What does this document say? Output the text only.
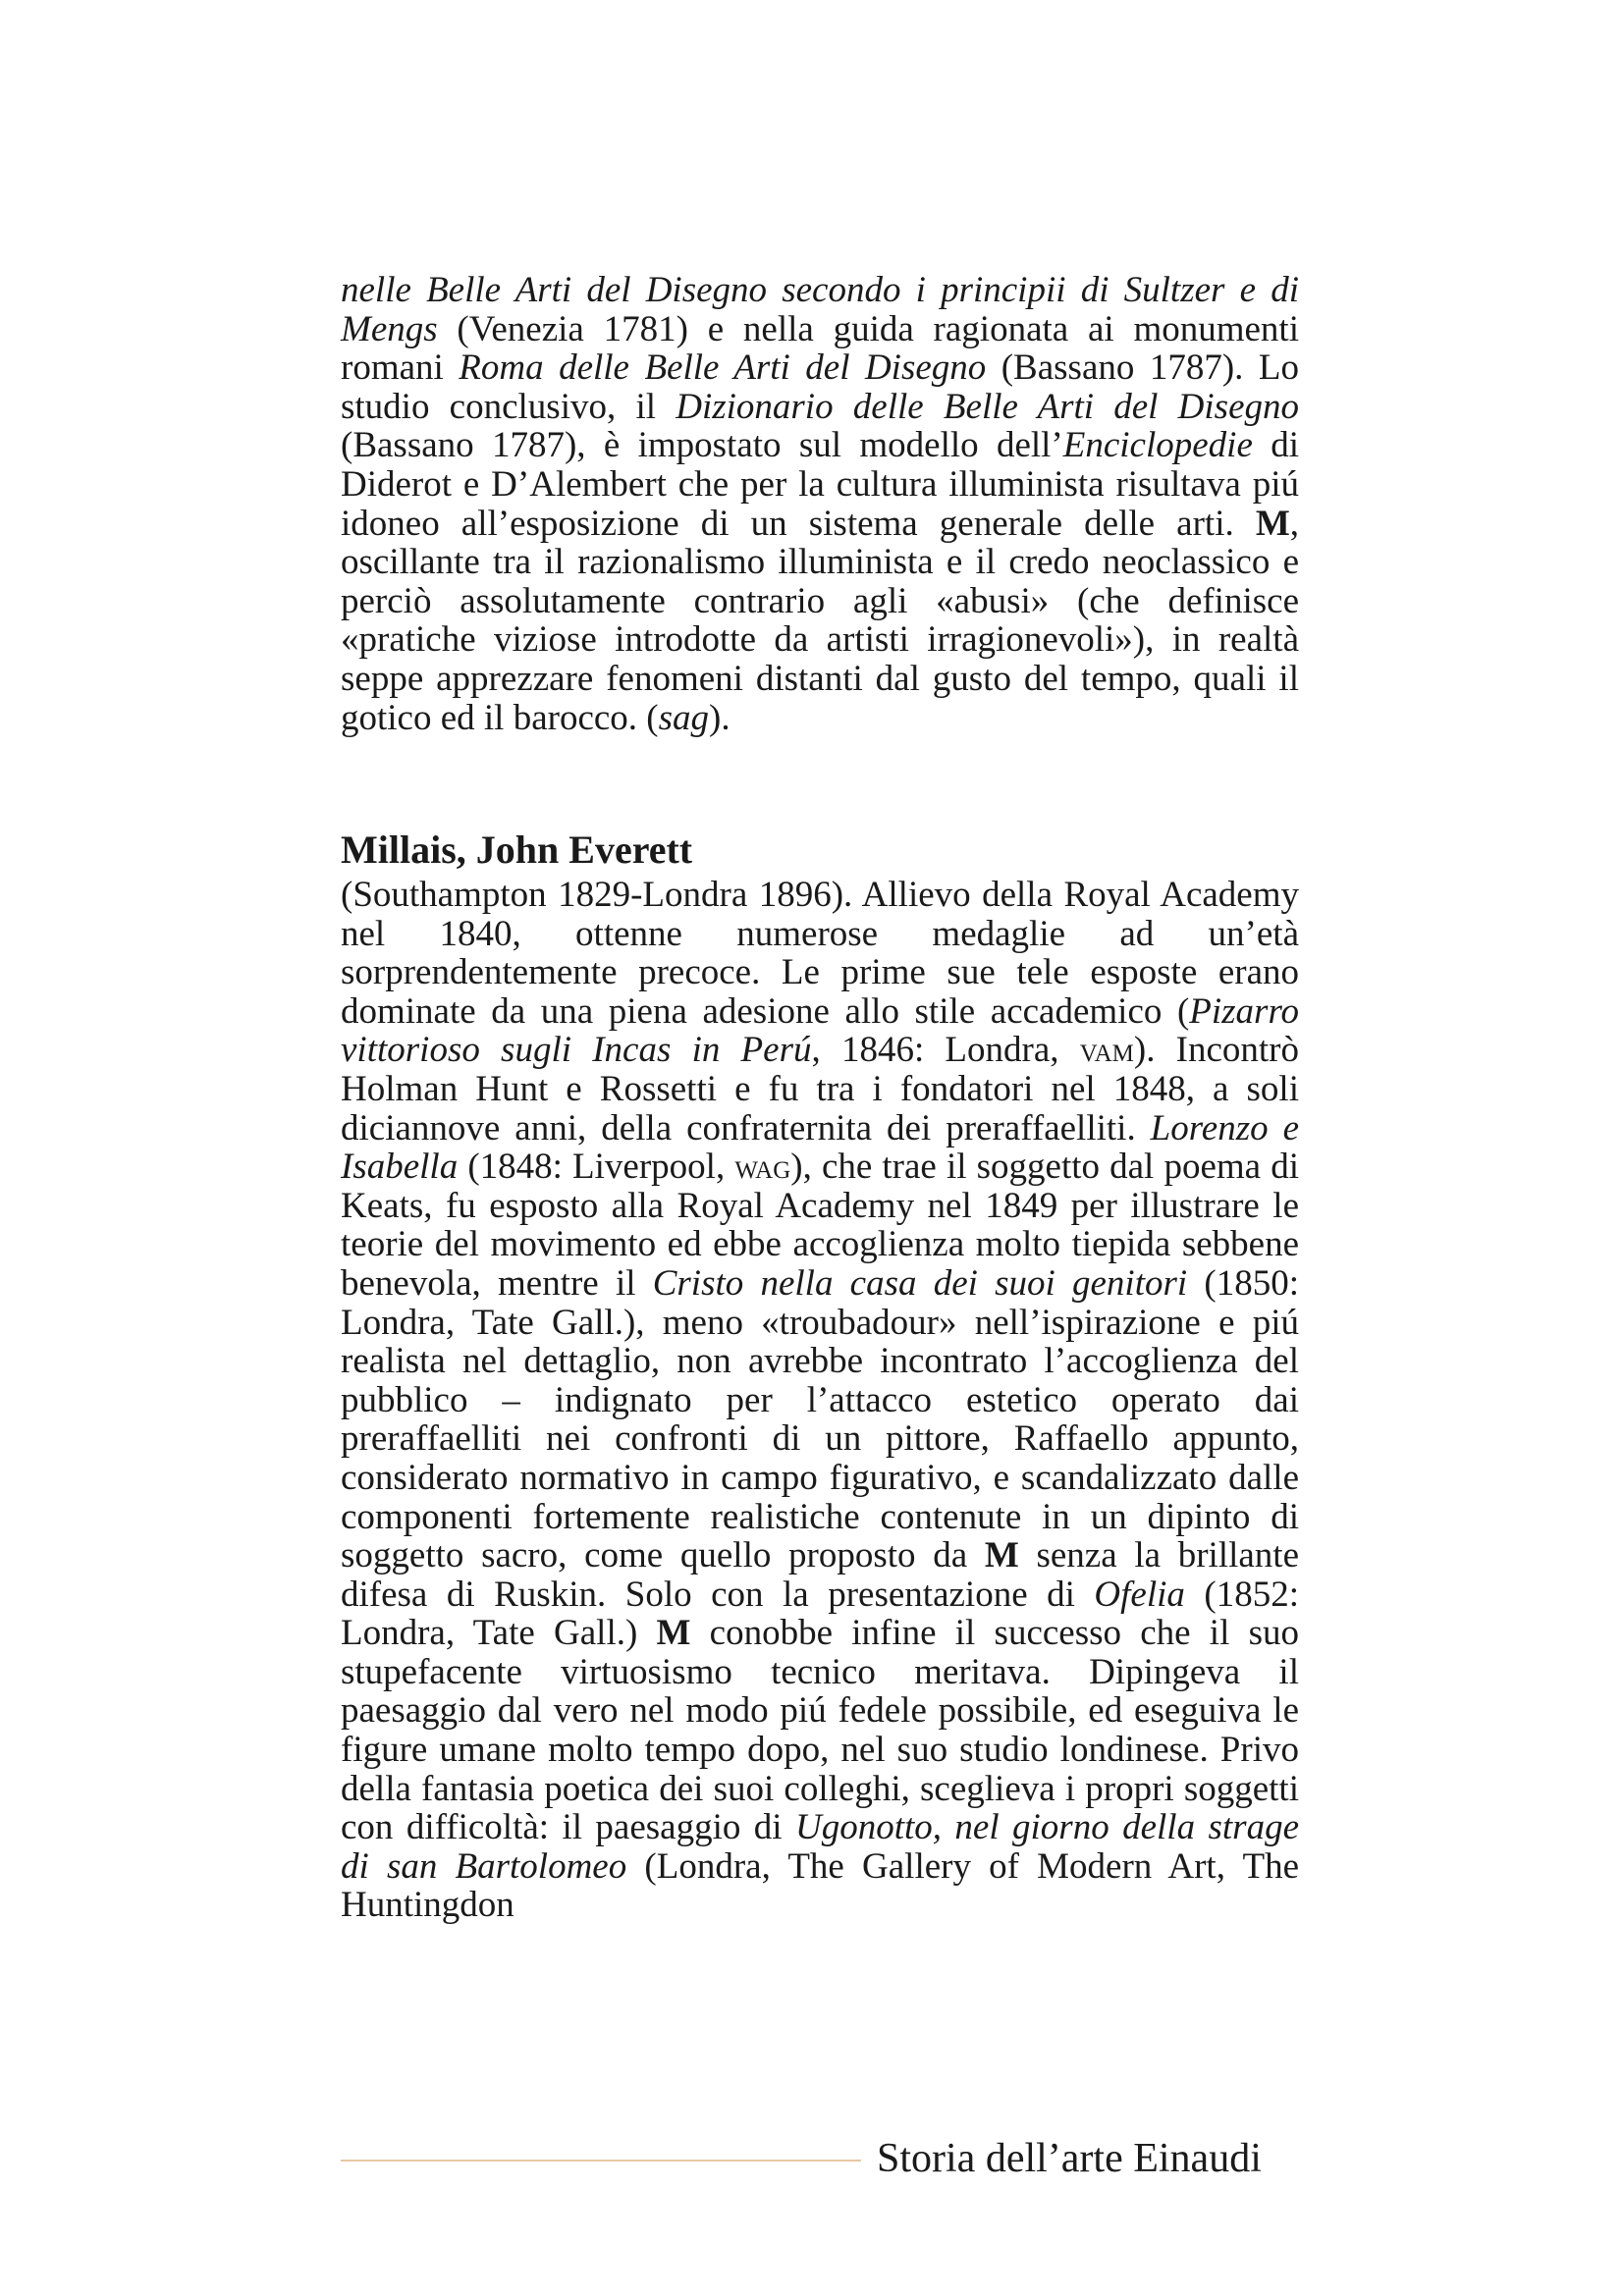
nelle Belle Arti del Disegno secondo i principii di Sultzer e di Mengs (Venezia 1781) e nella guida ragionata ai monumenti romani Roma delle Belle Arti del Disegno (Bassano 1787). Lo studio conclusivo, il Dizionario delle Belle Arti del Disegno (Bassano 1787), è impostato sul modello dell’Enciclopedie di Diderot e D’Alembert che per la cultura illuminista risultava piú idoneo all’esposizione di un sistema generale delle arti. M, oscillante tra il razionalismo illuminista e il credo neoclassico e perciò assolutamente contrario agli «abusi» (che definisce «pratiche viziose introdotte da artisti irragionevoli»), in realtà seppe apprezzare fenomeni distanti dal gusto del tempo, quali il gotico ed il barocco. (sag).

Millais, John Everett

(Southampton 1829-Londra 1896). Allievo della Royal Academy nel 1840, ottenne numerose medaglie ad un’età sorprendentemente precoce. Le prime sue tele esposte erano dominate da una piena adesione allo stile accademico (Pizarro vittorioso sugli Incas in Perú, 1846: Londra, vam). Incontrò Holman Hunt e Rossetti e fu tra i fondatori nel 1848, a soli diciannove anni, della confraternita dei preraffaelliti. Lorenzo e Isabella (1848: Liverpool, wag), che trae il soggetto dal poema di Keats, fu esposto alla Royal Academy nel 1849 per illustrare le teorie del movimento ed ebbe accoglienza molto tiepida sebbene benevola, mentre il Cristo nella casa dei suoi genitori (1850: Londra, Tate Gall.), meno «troubadour» nell’ispirazione e piú realista nel dettaglio, non avrebbe incontrato l’accoglienza del pubblico – indignato per l’attacco estetico operato dai preraffaelliti nei confronti di un pittore, Raffaello appunto, considerato normativo in campo figurativo, e scandalizzato dalle componenti fortemente realistiche contenute in un dipinto di soggetto sacro, come quello proposto da M senza la brillante difesa di Ruskin. Solo con la presentazione di Ofelia (1852: Londra, Tate Gall.) M conobbe infine il successo che il suo stupefacente virtuosismo tecnico meritava. Dipingeva il paesaggio dal vero nel modo piú fedele possibile, ed eseguiva le figure umane molto tempo dopo, nel suo studio londinese. Privo della fantasia poetica dei suoi colleghi, sceglieva i propri soggetti con difficoltà: il paesaggio di Ugonotto, nel giorno della strage di san Bartolomeo (Londra, The Gallery of Modern Art, The Huntingdon

Storia dell’arte Einaudi
